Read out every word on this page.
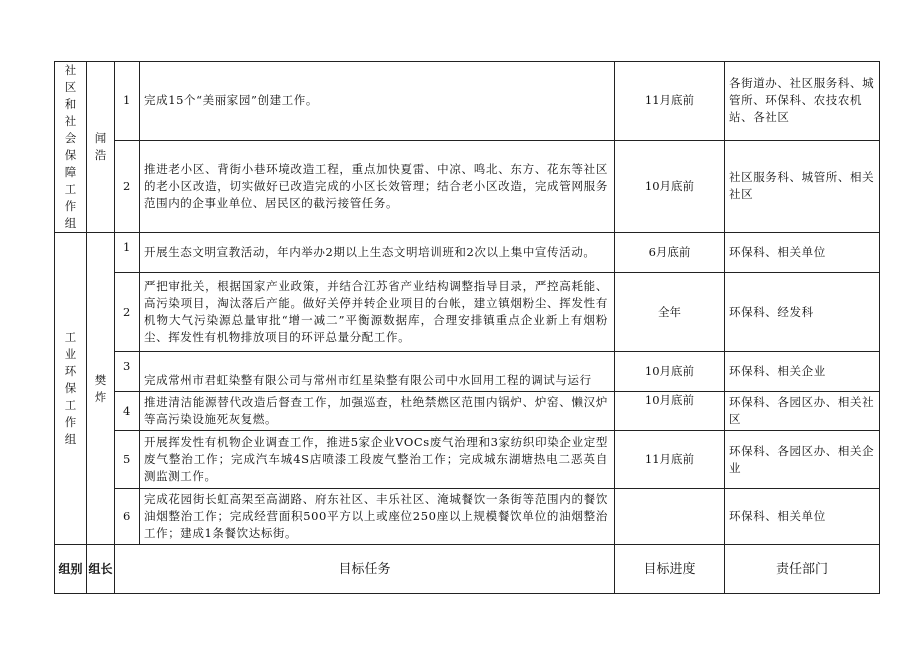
社区和社会保障工作组	闻浩	1	完成15个“美丽家园”创建工作。	11月底前	各街道办、社区服务科、城管所、环保科、农技农机站、各社区
		2	推进老小区、背街小巷环境改造工程，重点加快夏雷、中凉、鸣北、东方、花东等社区的老小区改造，切实做好已改造完成的小区长效管理；结合老小区改造，完成管网服务范围内的企事业单位、居民区的截污接管任务。	10月底前	社区服务科、城管所、相关社区

工业环保工作组	樊炸	1	开展生态文明宣教活动，年内举办2期以上生态文明培训班和2次以上集中宣传活动。	6月底前	环保科、相关单位
		2	严把审批关，根据国家产业政策，并结合江苏省产业结构调整指导目录，严控高耗能、高污染项目，淘汰落后产能。做好关停并转企业项目的台帐，建立镇烟粉尘、挥发性有机物大气污染源总量审批“增一减二”平衡源数据库，合理安排镇重点企业新上有烟粉尘、挥发性有机物排放项目的环评总量分配工作。	全年	环保科、经发科
		3	完成常州市君虹染整有限公司与常州市红星染整有限公司中水回用工程的调试与运行	10月底前	环保科、相关企业
		4	推进清洁能源替代改造后督查工作，加强巡查，杜绝禁燃区范围内锅炉、炉窑、懒汉炉等高污染设施死灰复燃。	10月底前	环保科、各园区办、相关社区
		5	开展挥发性有机物企业调查工作，推进5家企业VOCs废气治理和3家纺织印染企业定型废气整治工作；完成汽车城4S店喷漆工段废气整治工作；完成城东湖塘热电二恶英自测监测工作。	11月底前	环保科、各园区办、相关企业
		6	完成花园街长虹高架至高湖路、府东社区、丰乐社区、淹城餐饮一条街等范围内的餐饮油烟整治工作；完成经营面积500平方以上或座位250座以上规模餐饮单位的油烟整治工作；建成1条餐饮达标街。		环保科、相关单位
组别	组长	目标任务		目标进度	责任部门
